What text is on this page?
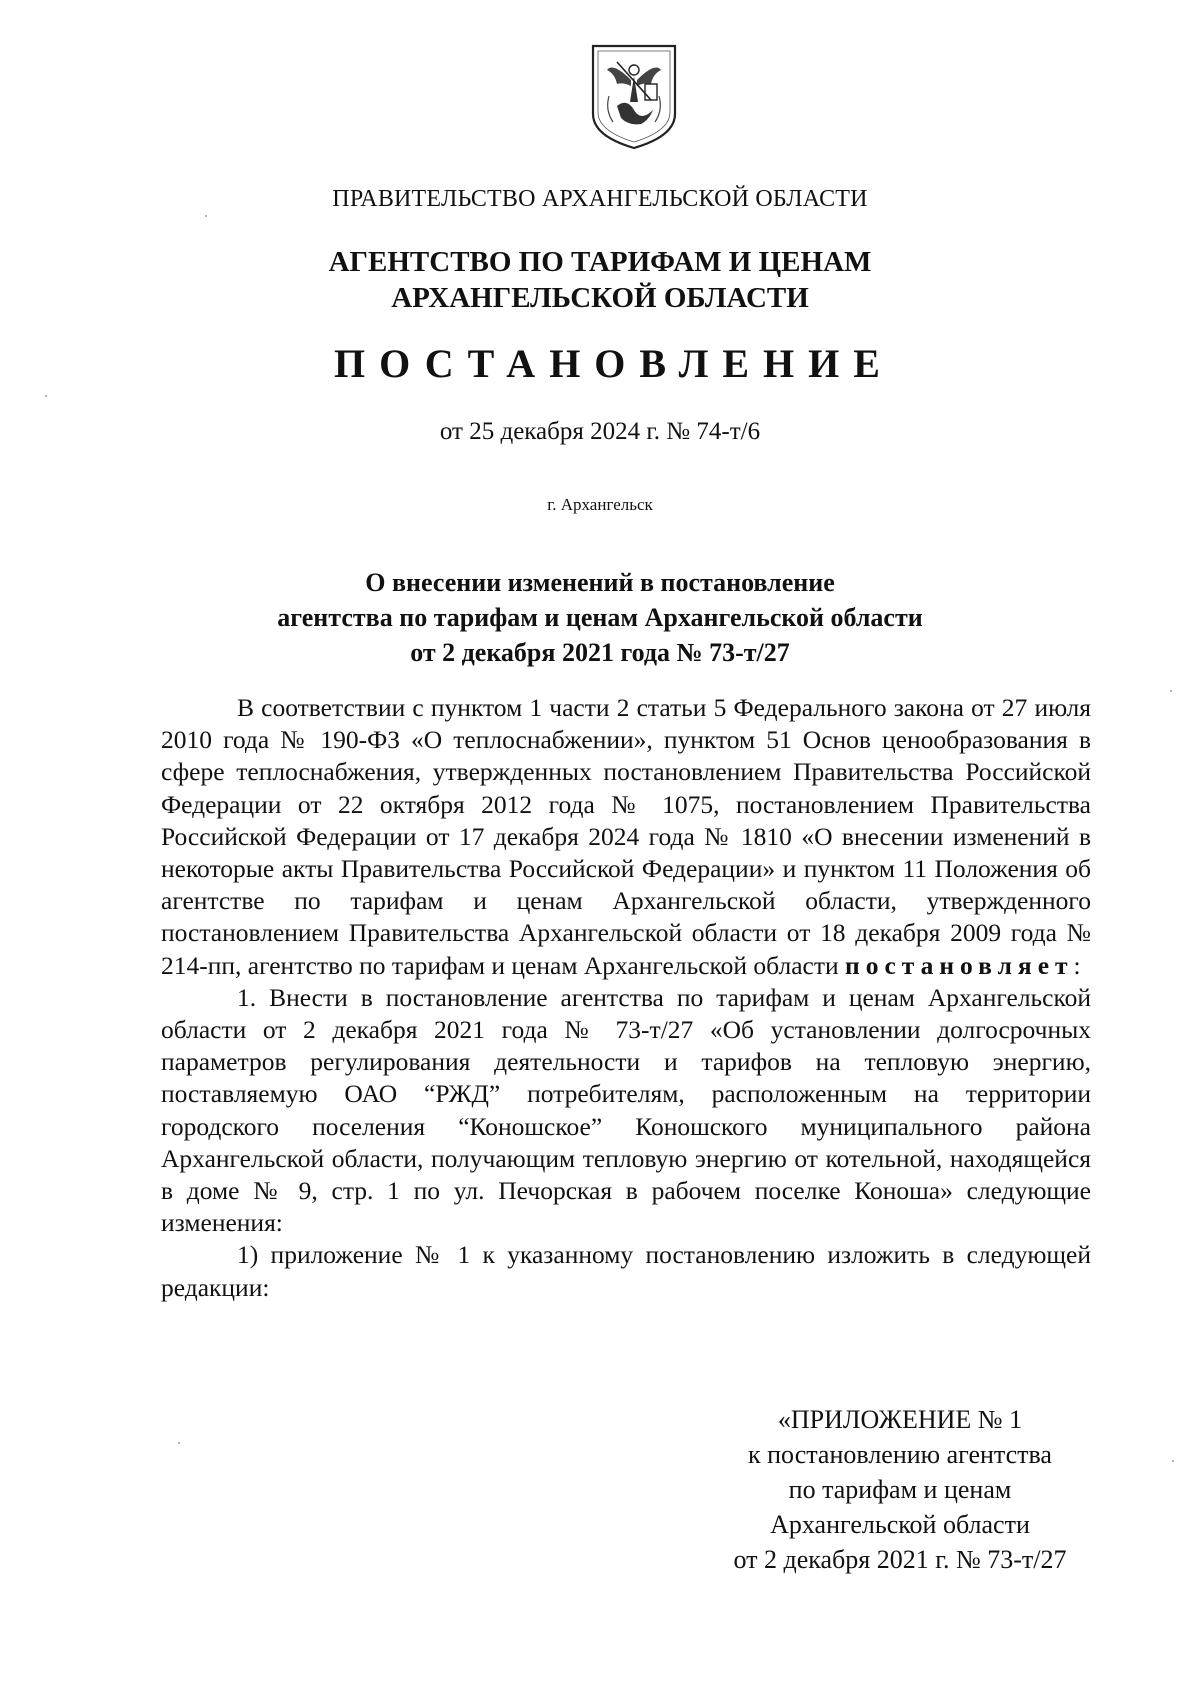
ПРАВИТЕЛЬСТВО АРХАНГЕЛЬСКОЙ ОБЛАСТИ
АГЕНТСТВО ПО ТАРИФАМ И ЦЕНАМ
АРХАНГЕЛЬСКОЙ ОБЛАСТИ
ПОСТАНОВЛЕНИЕ
от 25 декабря 2024 г. № 74-т/6
г. Архангельск
О внесении изменений в постановление
агентства по тарифам и ценам Архангельской области
от 2 декабря 2021 года № 73-т/27

В соответствии с пунктом 1 части 2 статьи 5 Федерального закона от 27 июля 2010 года № 190-ФЗ «О теплоснабжении», пунктом 51 Основ ценообразования в сфере теплоснабжения, утвержденных постановлением Правительства Российской Федерации от 22 октября 2012 года № 1075, постановлением Правительства Российской Федерации от 17 декабря 2024 года № 1810 «О внесении изменений в некоторые акты Правительства Российской Федерации» и пунктом 11 Положения об агентстве по тарифам и ценам Архангельской области, утвержденного постановлением Правительства Архангельской области от 18 декабря 2009 года № 214-пп, агентство по тарифам и ценам Архангельской области постановляет:

1. Внести в постановление агентства по тарифам и ценам Архангельской области от 2 декабря 2021 года № 73-т/27 «Об установлении долгосрочных параметров регулирования деятельности и тарифов на тепловую энергию, поставляемую ОАО “РЖД” потребителям, расположенным на территории городского поселения “Коношское” Коношского муниципального района Архангельской области, получающим тепловую энергию от котельной, находящейся в доме № 9, стр. 1 по ул. Печорская в рабочем поселке Коноша» следующие изменения:

1) приложение № 1 к указанному постановлению изложить в следующей редакции:

«ПРИЛОЖЕНИЕ № 1
к постановлению агентства
по тарифам и ценам
Архангельской области
от 2 декабря 2021 г. № 73-т/27
